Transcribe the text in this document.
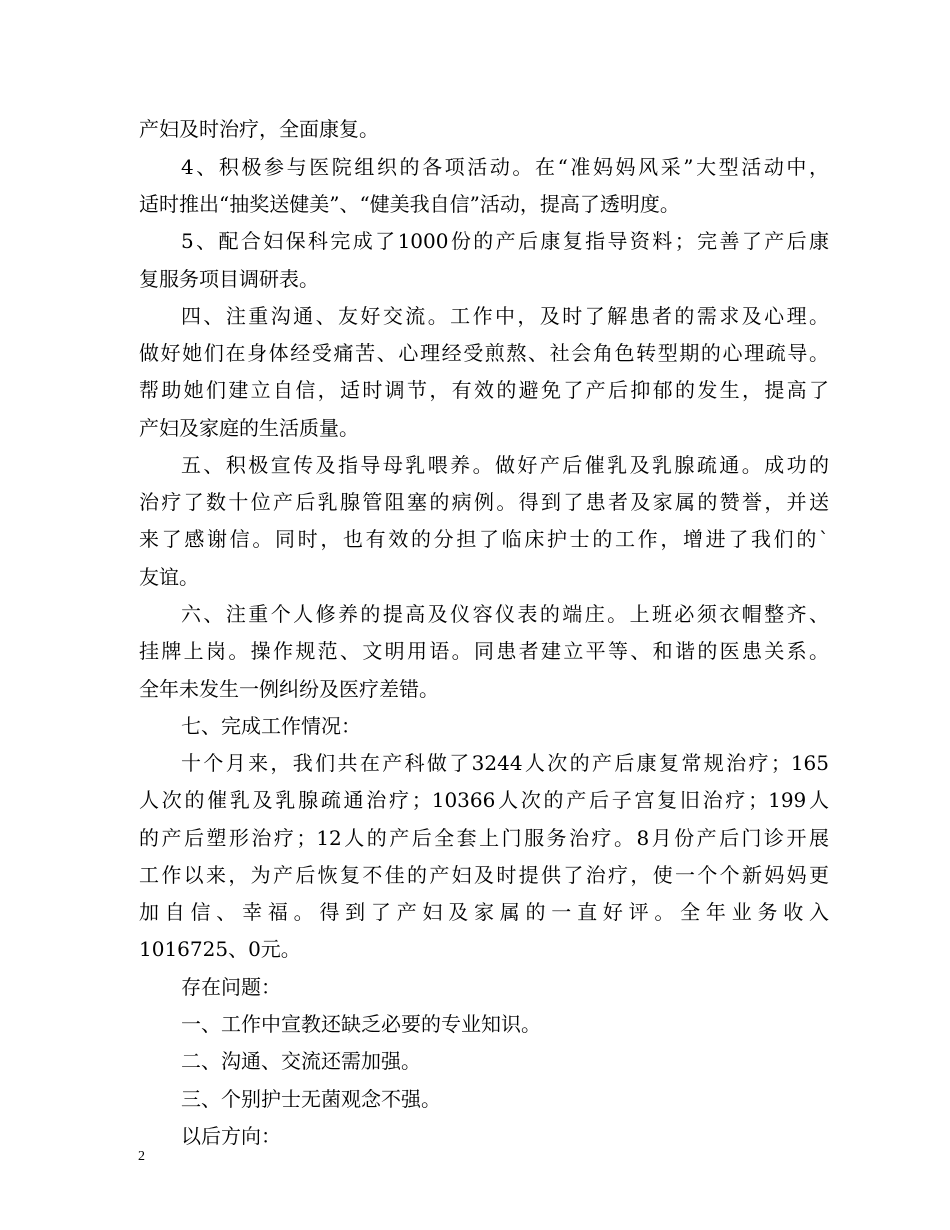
产妇及时治疗，全面康复。
4、积极参与医院组织的各项活动。在“准妈妈风采”大型活动中，
适时推出“抽奖送健美”、“健美我自信”活动，提高了透明度。
5、配合妇保科完成了1000份的产后康复指导资料；完善了产后康
复服务项目调研表。
四、注重沟通、友好交流。工作中，及时了解患者的需求及心理。
做好她们在身体经受痛苦、心理经受煎熬、社会角色转型期的心理疏导。
帮助她们建立自信，适时调节，有效的避免了产后抑郁的发生，提高了
产妇及家庭的生活质量。
五、积极宣传及指导母乳喂养。做好产后催乳及乳腺疏通。成功的
治疗了数十位产后乳腺管阻塞的病例。得到了患者及家属的赞誉，并送
来了感谢信。同时，也有效的分担了临床护士的工作，增进了我们的`
友谊。
六、注重个人修养的提高及仪容仪表的端庄。上班必须衣帽整齐、
挂牌上岗。操作规范、文明用语。同患者建立平等、和谐的医患关系。
全年未发生一例纠纷及医疗差错。
七、完成工作情况：
十个月来，我们共在产科做了3244人次的产后康复常规治疗；165
人次的催乳及乳腺疏通治疗；10366人次的产后子宫复旧治疗；199人
的产后塑形治疗；12人的产后全套上门服务治疗。8月份产后门诊开展
工作以来，为产后恢复不佳的产妇及时提供了治疗，使一个个新妈妈更
加自信、幸福。得到了产妇及家属的一直好评。全年业务收入
1016725、0元。
存在问题：
一、工作中宣教还缺乏必要的专业知识。
二、沟通、交流还需加强。
三、个别护士无菌观念不强。
以后方向：
2
